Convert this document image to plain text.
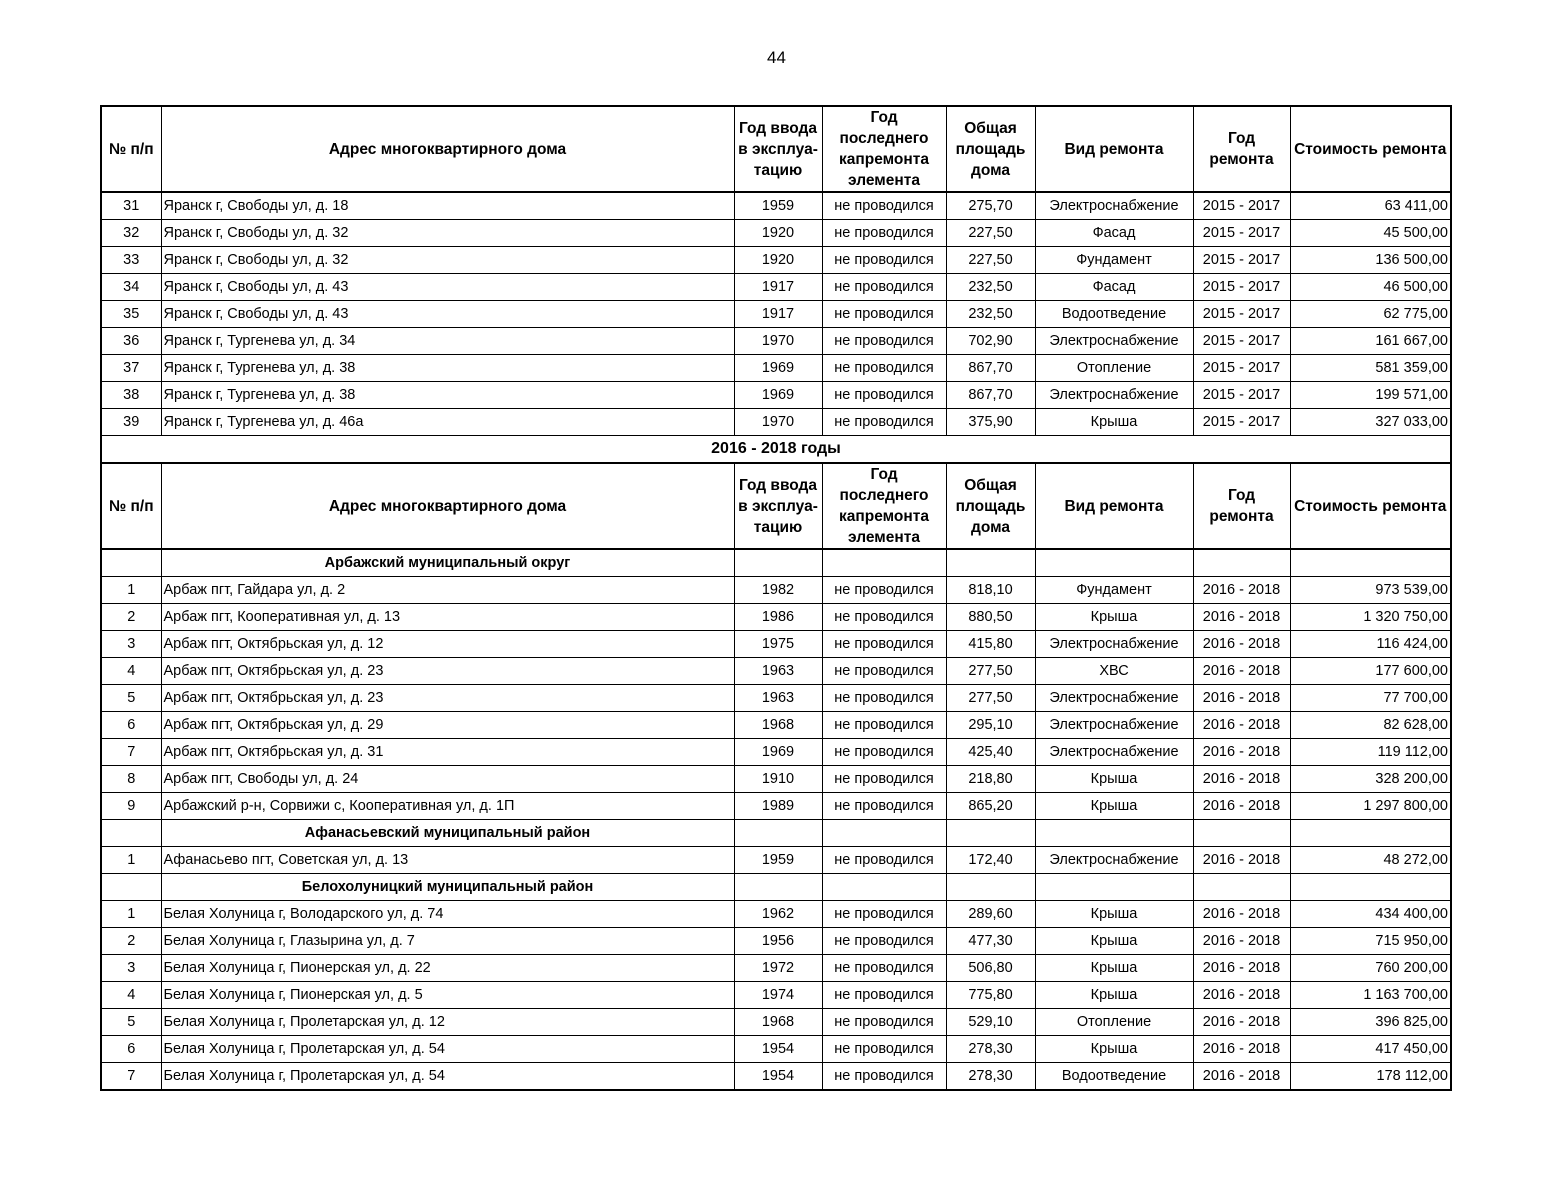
44
№ п/п	Адрес многоквартирного дома	Год ввода в эксплуа-тацию	Год последнего капремонта элемента	Общая площадь дома	Вид ремонта	Год ремонта	Стоимость ремонта
31	Яранск г, Свободы ул, д. 18	1959	не проводился	275,70	Электроснабжение	2015 - 2017	63 411,00
32	Яранск г, Свободы ул, д. 32	1920	не проводился	227,50	Фасад	2015 - 2017	45 500,00
33	Яранск г, Свободы ул, д. 32	1920	не проводился	227,50	Фундамент	2015 - 2017	136 500,00
34	Яранск г, Свободы ул, д. 43	1917	не проводился	232,50	Фасад	2015 - 2017	46 500,00
35	Яранск г, Свободы ул, д. 43	1917	не проводился	232,50	Водоотведение	2015 - 2017	62 775,00
36	Яранск г, Тургенева ул, д. 34	1970	не проводился	702,90	Электроснабжение	2015 - 2017	161 667,00
37	Яранск г, Тургенева ул, д. 38	1969	не проводился	867,70	Отопление	2015 - 2017	581 359,00
38	Яранск г, Тургенева ул, д. 38	1969	не проводился	867,70	Электроснабжение	2015 - 2017	199 571,00
39	Яранск г, Тургенева ул, д. 46а	1970	не проводился	375,90	Крыша	2015 - 2017	327 033,00
2016 - 2018 годы							
№ п/п	Адрес многоквартирного дома	Год ввода в эксплуа-тацию	Год последнего капремонта элемента	Общая площадь дома	Вид ремонта	Год ремонта	Стоимость ремонта
	Арбажский муниципальный округ						
1	Арбаж пгт, Гайдара ул, д. 2	1982	не проводился	818,10	Фундамент	2016 - 2018	973 539,00
2	Арбаж пгт, Кооперативная ул, д. 13	1986	не проводился	880,50	Крыша	2016 - 2018	1 320 750,00
3	Арбаж пгт, Октябрьская ул, д. 12	1975	не проводился	415,80	Электроснабжение	2016 - 2018	116 424,00
4	Арбаж пгт, Октябрьская ул, д. 23	1963	не проводился	277,50	ХВС	2016 - 2018	177 600,00
5	Арбаж пгт, Октябрьская ул, д. 23	1963	не проводился	277,50	Электроснабжение	2016 - 2018	77 700,00
6	Арбаж пгт, Октябрьская ул, д. 29	1968	не проводился	295,10	Электроснабжение	2016 - 2018	82 628,00
7	Арбаж пгт, Октябрьская ул, д. 31	1969	не проводился	425,40	Электроснабжение	2016 - 2018	119 112,00
8	Арбаж пгт, Свободы ул, д. 24	1910	не проводился	218,80	Крыша	2016 - 2018	328 200,00
9	Арбажский р-н, Сорвижи с, Кооперативная ул, д. 1П	1989	не проводился	865,20	Крыша	2016 - 2018	1 297 800,00
	Афанасьевский муниципальный район						
1	Афанасьево пгт, Советская ул, д. 13	1959	не проводился	172,40	Электроснабжение	2016 - 2018	48 272,00
	Белохолуницкий муниципальный район						
1	Белая Холуница г, Володарского ул, д. 74	1962	не проводился	289,60	Крыша	2016 - 2018	434 400,00
2	Белая Холуница г, Глазырина ул, д. 7	1956	не проводился	477,30	Крыша	2016 - 2018	715 950,00
3	Белая Холуница г, Пионерская ул, д. 22	1972	не проводился	506,80	Крыша	2016 - 2018	760 200,00
4	Белая Холуница г, Пионерская ул, д. 5	1974	не проводился	775,80	Крыша	2016 - 2018	1 163 700,00
5	Белая Холуница г, Пролетарская ул, д. 12	1968	не проводился	529,10	Отопление	2016 - 2018	396 825,00
6	Белая Холуница г, Пролетарская ул, д. 54	1954	не проводился	278,30	Крыша	2016 - 2018	417 450,00
7	Белая Холуница г, Пролетарская ул, д. 54	1954	не проводился	278,30	Водоотведение	2016 - 2018	178 112,00
